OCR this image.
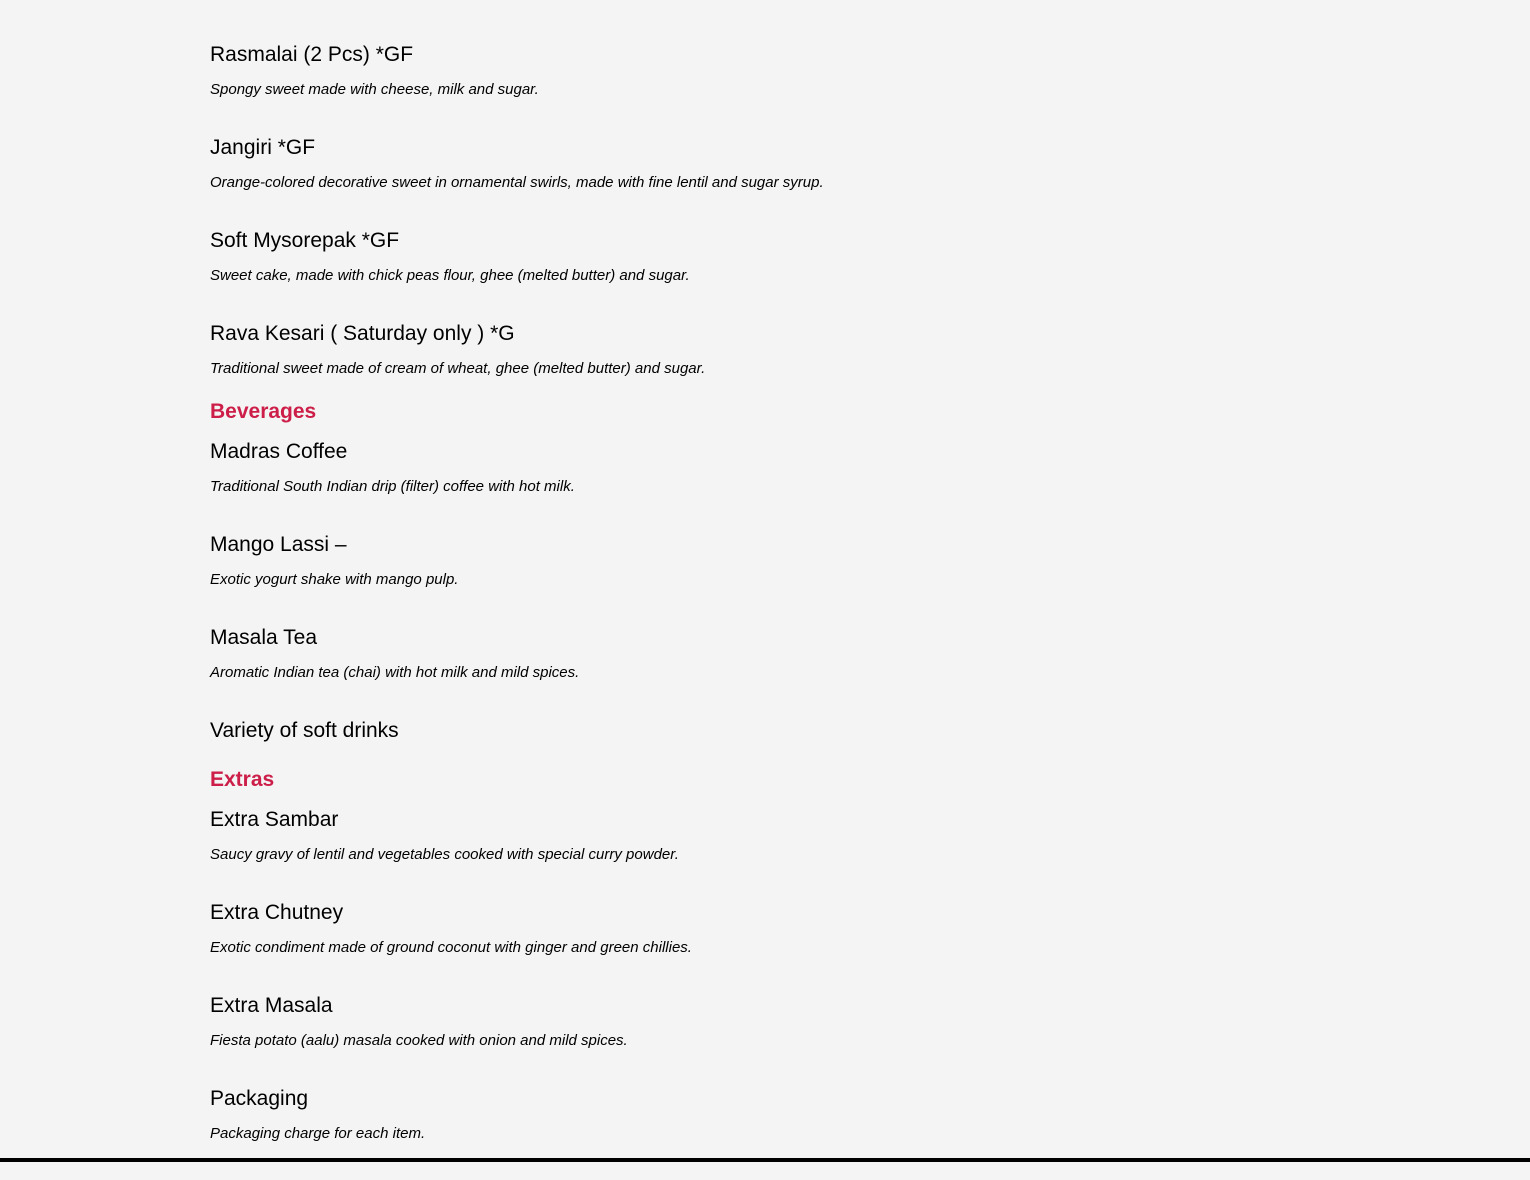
Rasmalai (2 Pcs) *GF
Spongy sweet made with cheese, milk and sugar.
Jangiri *GF
Orange-colored decorative sweet in ornamental swirls, made with fine lentil and sugar syrup.
Soft Mysorepak *GF
Sweet cake, made with chick peas flour, ghee (melted butter) and sugar.
Rava Kesari ( Saturday only ) *G
Traditional sweet made of cream of wheat, ghee (melted butter) and sugar.
Beverages
Madras Coffee
Traditional South Indian drip (filter) coffee with hot milk.
Mango Lassi –
Exotic yogurt shake with mango pulp.
Masala Tea
Aromatic Indian tea (chai) with hot milk and mild spices.
Variety of soft drinks
Extras
Extra Sambar
Saucy gravy of lentil and vegetables cooked with special curry powder.
Extra Chutney
Exotic condiment made of ground coconut with ginger and green chillies.
Extra Masala
Fiesta potato (aalu) masala cooked with onion and mild spices.
Packaging
Packaging charge for each item.
